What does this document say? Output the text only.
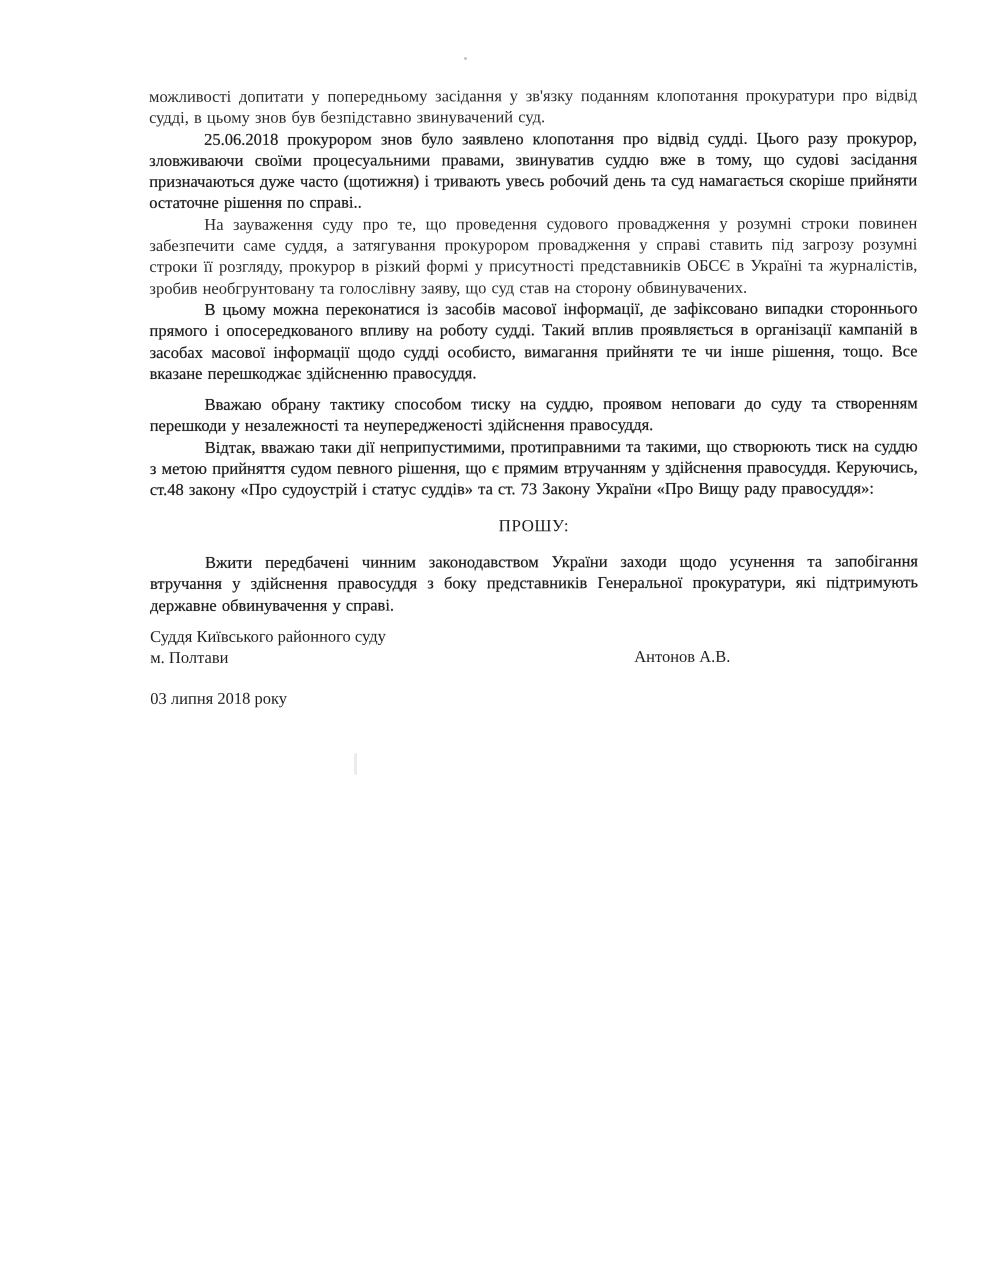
можливості допитати у попередньому засідання у зв'язку поданням клопотання прокуратури про відвід судді, в цьому знов був безпідставно звинувачений суд.

25.06.2018 прокурором знов було заявлено клопотання про відвід судді. Цього разу прокурор, зловживаючи своїми процесуальними правами, звинуватив суддю вже в тому, що судові засідання призначаються дуже часто (щотижня) і тривають увесь робочий день та суд намагається скоріше прийняти остаточне рішення по справі..

На зауваження суду про те, що проведення судового провадження у розумні строки повинен забезпечити саме суддя, а затягування прокурором провадження у справі ставить під загрозу розумні строки її розгляду, прокурор в різкий формі у присутності представників ОБСЄ в Україні та журналістів, зробив необгрунтовану та голослівну заяву, що суд став на сторону обвинувачених.

В цьому можна переконатися із засобів масової інформації, де зафіксовано випадки стороннього прямого і опосередкованого впливу на роботу судді. Такий вплив проявляється в організації кампаній в засобах масової інформації щодо судді особисто, вимагання прийняти те чи інше рішення, тощо. Все вказане перешкоджає здійсненню правосуддя.

Вважаю обрану тактику способом тиску на суддю, проявом неповаги до суду та створенням перешкоди у незалежності та неупередженості здійснення правосуддя.

Відтак, вважаю таки дії неприпустимими, протиправними та такими, що створюють тиск на суддю з метою прийняття судом певного рішення, що є прямим втручанням у здійснення правосуддя. Керуючись, ст.48 закону «Про судоустрій і статус суддів» та ст. 73 Закону України «Про Вищу раду правосуддя»:

ПРОШУ:

Вжити передбачені чинним законодавством України заходи щодо усунення та запобігання втручання у здійснення правосуддя з боку представників Генеральної прокуратури, які підтримують державне обвинувачення у справі.

Суддя Київського районного суду

м. Полтави	Антонов А.В.

03 липня 2018 року
